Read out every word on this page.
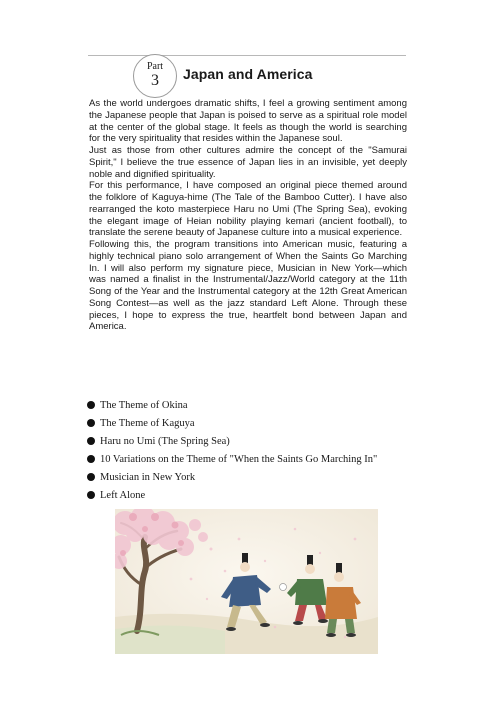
Part
3	Japan and America

As the world undergoes dramatic shifts, I feel a growing sentiment among the Japanese people that Japan is poised to serve as a spiritual role model at the center of the global stage. It feels as though the world is searching for the very spirituality that resides within the Japanese soul.

Just as those from other cultures admire the concept of the "Samurai Spirit," I believe the true essence of Japan lies in an invisible, yet deeply noble and dignified spirituality.

For this performance, I have composed an original piece themed around the folklore of Kaguya-hime (The Tale of the Bamboo Cutter). I have also rearranged the koto masterpiece Haru no Umi (The Spring Sea), evoking the elegant image of Heian nobility playing kemari (ancient football), to translate the serene beauty of Japanese culture into a musical experience.

Following this, the program transitions into American music, featuring a highly technical piano solo arrangement of When the Saints Go Marching In. I will also perform my signature piece, Musician in New York—which was named a finalist in the Instrumental/Jazz/World category at the 11th Song of the Year and the Instrumental category at the 12th Great American Song Contest—as well as the jazz standard Left Alone. Through these pieces, I hope to express the true, heartfelt bond between Japan and America.

The Theme of Okina
The Theme of Kaguya
Haru no Umi (The Spring Sea)
10 Variations on the Theme of "When the Saints Go Marching In"
Musician in New York
Left Alone
